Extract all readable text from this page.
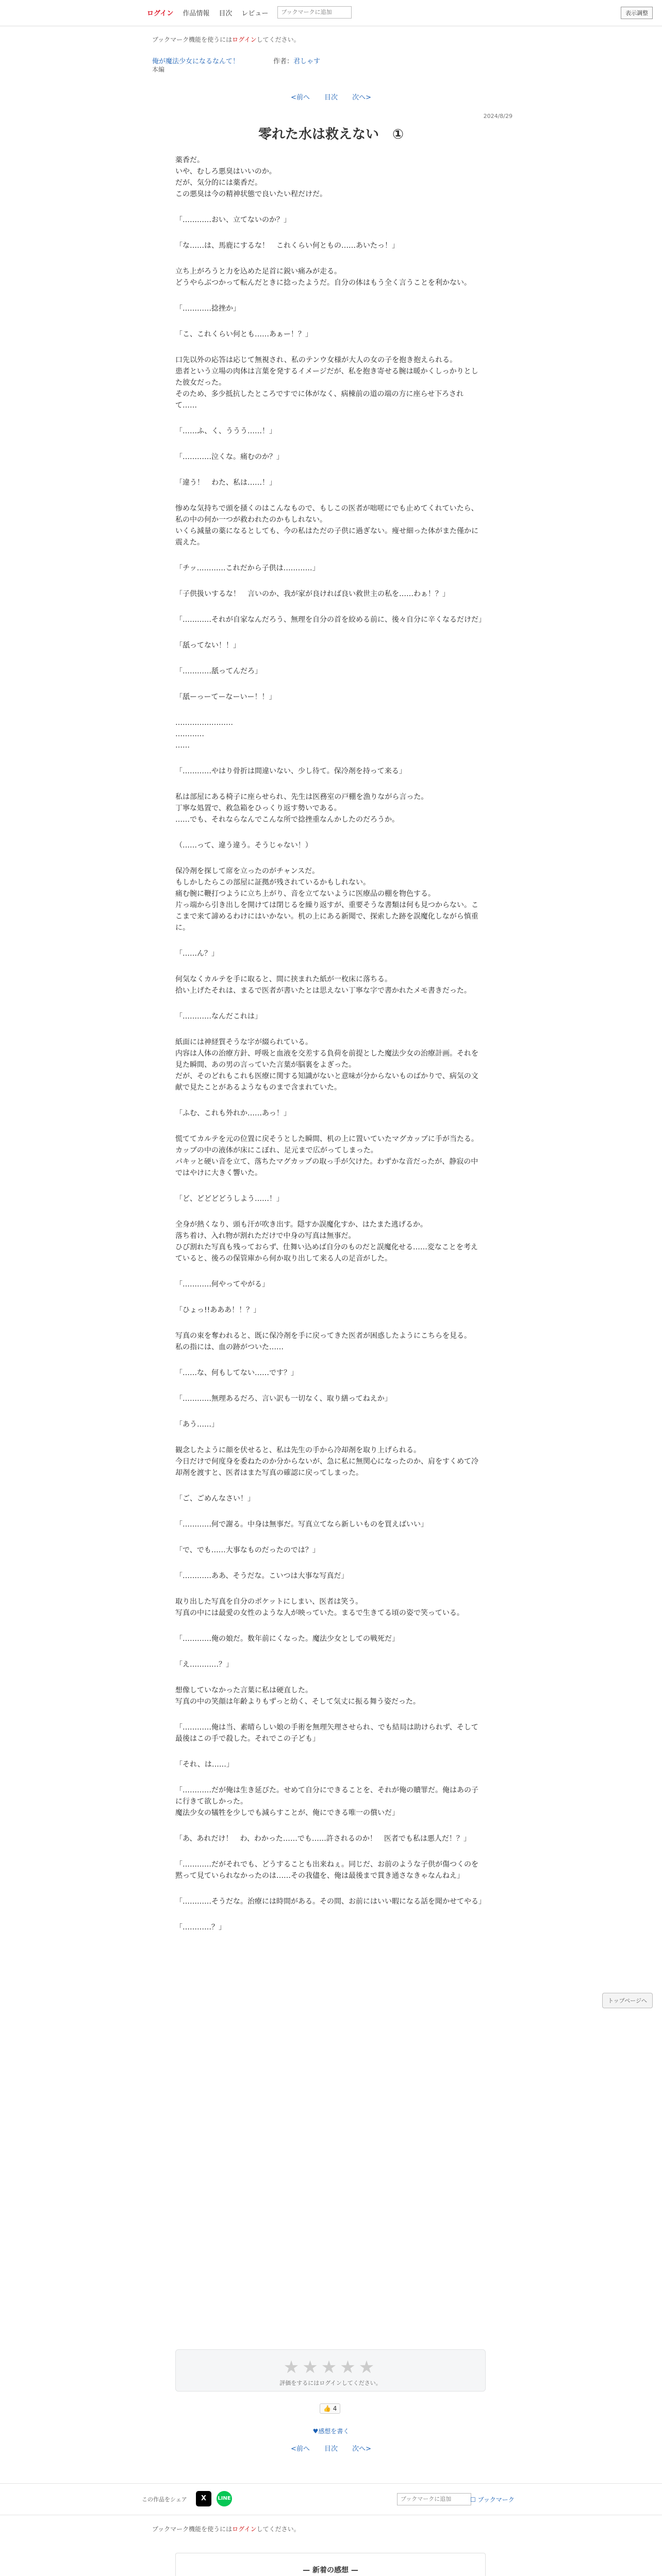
ログイン 作品情報 目次 レビュー
ブックマークに追加	表示調整
ブックマーク機能を使うにはログインしてください。
俺が魔法少女になるなんて！	作者：君しゃす
本編
<前へ 目次 次へ>
2024/8/29
零れた水は救えない　①

薬香だ。
いや、むしろ悪臭はいいのか。
だが、気分的には薬香だ。
この悪臭は今の精神状態で良いたい程だけだ。

「…………おい、立てないのか？」

「な……は、馬鹿にするな！　これくらい何ともの……あいたっ！」

立ち上がろうと力を込めた足首に鋭い痛みが走る。
どうやらぶつかって転んだときに捻ったようだ。自分の体はもう全く言うことを利かない。

「…………捻挫か」

「こ、これくらい何とも……あぁー！？」

口先以外の応答は応じて無視され、私のテンウ女様が大人の女の子を抱き抱えられる。
患者という立場の肉体は言葉を発するイメージだが、私を抱き寄せる腕は暖かくしっかりとした彼女だった。
そのため、多少抵抗したところですでに体がなく、病棟前の道の端の方に座らせ下ろされて……

「……ふ、く、ううう……！」

「…………泣くな。痛むのか？」

「違う！　わた、私は……！」

惨めな気持ちで頭を掻くのはこんなもので、もしこの医者が咄嗟にでも止めてくれていたら、私の中の何か一つが救われたのかもしれない。
いくら減量の薬になるとしても、今の私はただの子供に過ぎない。痩せ細った体がまた僅かに震えた。

「チッ…………これだから子供は…………」

「子供扱いするな！　言いのか、我が家が良ければ良い救世主の私を……わぁ！？」

「…………それが自家なんだろう、無理を自分の首を絞める前に、後々自分に辛くなるだけだ」

「舐ってない！！」

「…………舐ってんだろ」

「舐ーっーてーなーいー！！」

……………………
…………
……

「…………やはり骨折は間違いない、少し待て。保冷剤を持って来る」

私は部屋にある椅子に座らせられ、先生は医務室の戸棚を漁りながら言った。
丁寧な処置で、救急箱をひっくり返す勢いである。
……でも、それならなんでこんな所で捻挫重なんかしたのだろうか。

（……って、違う違う。そうじゃない！）

保冷剤を探して席を立ったのがチャンスだ。
もしかしたらこの部屋に証拠が残されているかもしれない。
痛む腕に鞭打つように立ち上がり、音を立てないように医療品の棚を物色する。
片っ端から引き出しを開けては閉じるを繰り返すが、重要そうな書類は何も見つからない。ここまで来て諦めるわけにはいかない。机の上にある新聞で、探索した跡を誤魔化しながら慎重に。

「……ん？」

何気なくカルテを手に取ると、間に挟まれた紙が一枚床に落ちる。
拾い上げたそれは、まるで医者が書いたとは思えない丁寧な字で書かれたメモ書きだった。

「…………なんだこれは」

紙面には神経質そうな字が綴られている。
内容は人体の治療方針、呼吸と血液を交差する負荷を前提とした魔法少女の治療計画。それを見た瞬間、あの男の言っていた言葉が脳裏をよぎった。
だが、そのどれもこれも医療に関する知識がないと意味が分からないものばかりで、病気の文献で見たことがあるようなものまで含まれていた。

「ふむ、これも外れか……あっ！」

慌ててカルテを元の位置に戻そうとした瞬間、机の上に置いていたマグカップに手が当たる。
カップの中の液体が床にこぼれ、足元まで広がってしまった。
パキッと硬い音を立て、落ちたマグカップの取っ手が欠けた。わずかな音だったが、静寂の中ではやけに大きく響いた。

「ど、どどどどうしよう……！」

全身が熱くなり、頭も汗が吹き出す。隠すか誤魔化すか、はたまた逃げるか。
落ち着け、入れ物が割れただけで中身の写真は無事だ。
ひび割れた写真も残っておらず、仕舞い込めば自分のものだと誤魔化せる……変なことを考えていると、後ろの保管庫から何か取り出して来る人の足音がした。

「…………何やってやがる」

「ひょっ!!あああ！！？」

写真の束を奪われると、既に保冷剤を手に戻ってきた医者が困惑したようにこちらを見る。
私の指には、血の跡がついた……

「……な、何もしてない……です？」

「…………無理あるだろ、言い訳も一切なく、取り繕ってねえか」

「あう……」

観念したように顔を伏せると、私は先生の手から冷却剤を取り上げられる。
今日だけで何度身を委ねたのか分からないが、急に私に無関心になったのか、肩をすくめて冷却剤を渡すと、医者はまた写真の確認に戻ってしまった。

「ご、ごめんなさい！」

「…………何で謝る。中身は無事だ。写真立てなら新しいものを買えばいい」

「で、でも……大事なものだったのでは？」

「…………ああ、そうだな。こいつは大事な写真だ」

取り出した写真を自分のポケットにしまい、医者は笑う。
写真の中には最愛の女性のような人が映っていた。まるで生きてる頃の姿で笑っている。

「…………俺の娘だ。数年前にくなった。魔法少女としての戦死だ」

「え…………？」

想像していなかった言葉に私は硬直した。
写真の中の笑顔は年齢よりもずっと幼く、そして気丈に振る舞う姿だった。

「…………俺は当、素晴らしい娘の手術を無理矢理させられ、でも結局は助けられず、そして最後はこの手で殺した。それでこの子ども」

「それ、は……」

「…………だが俺は生き延びた。せめて自分にできることを、それが俺の贖罪だ。俺はあの子に行きて欲しかった。
魔法少女の犠牲を少しでも減らすことが、俺にできる唯一の償いだ」

「あ、あれだけ！　わ、わかった……でも……許されるのか！　医者でも私は悪人だ！？」

「…………だがそれでも、どうすることも出来ねぇ。同じだ、お前のような子供が傷つくのを黙って見ていられなかったのは……その我儘を、俺は最後まで貫き通さなきゃなんねえ」

「…………そうだな。治療には時間がある。その間、お前にはいい暇になる話を聞かせてやる」

「…………？」

トップページへ
★★★★★
評価をするにはログインしてください。
👍 4
♥感想を書く
<前へ 目次 次へ>
この作品をシェア	X	LINE
ブックマークに追加	☐ ブックマーク
ブックマーク機能を使うにはログインしてください。
— 新着の感想 —
